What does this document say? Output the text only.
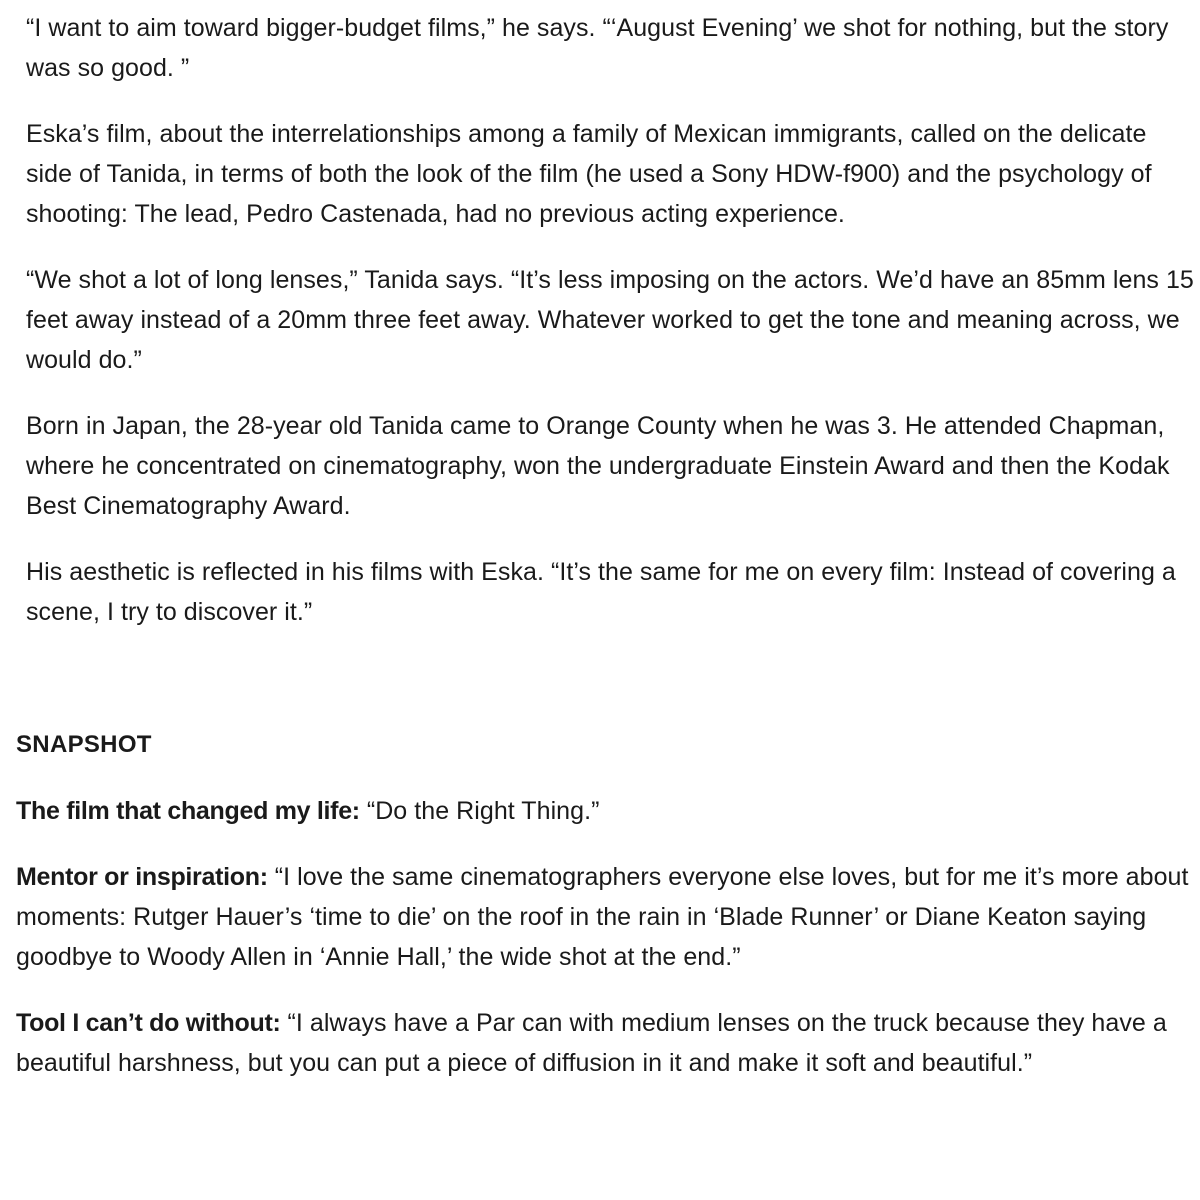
“I want to aim toward bigger-budget films,” he says. “‘August Evening’ we shot for nothing, but the story was so good. ”

Eska’s film, about the interrelationships among a family of Mexican immigrants, called on the delicate side of Tanida, in terms of both the look of the film (he used a Sony HDW-f900) and the psychology of shooting: The lead, Pedro Castenada, had no previous acting experience.

“We shot a lot of long lenses,” Tanida says. “It’s less imposing on the actors. We’d have an 85mm lens 15 feet away instead of a 20mm three feet away. Whatever worked to get the tone and meaning across, we would do.”

Born in Japan, the 28-year old Tanida came to Orange County when he was 3. He attended Chapman, where he concentrated on cinematography, won the undergraduate Einstein Award and then the Kodak Best Cinematography Award.

His aesthetic is reflected in his films with Eska. “It’s the same for me on every film: Instead of covering a scene, I try to discover it.”

SNAPSHOT

The film that changed my life: “Do the Right Thing.”

Mentor or inspiration: “I love the same cinematographers everyone else loves, but for me it’s more about moments: Rutger Hauer’s ‘time to die’ on the roof in the rain in ‘Blade Runner’ or Diane Keaton saying goodbye to Woody Allen in ‘Annie Hall,’ the wide shot at the end.”

Tool I can’t do without: “I always have a Par can with medium lenses on the truck because they have a beautiful harshness, but you can put a piece of diffusion in it and make it soft and beautiful.”
